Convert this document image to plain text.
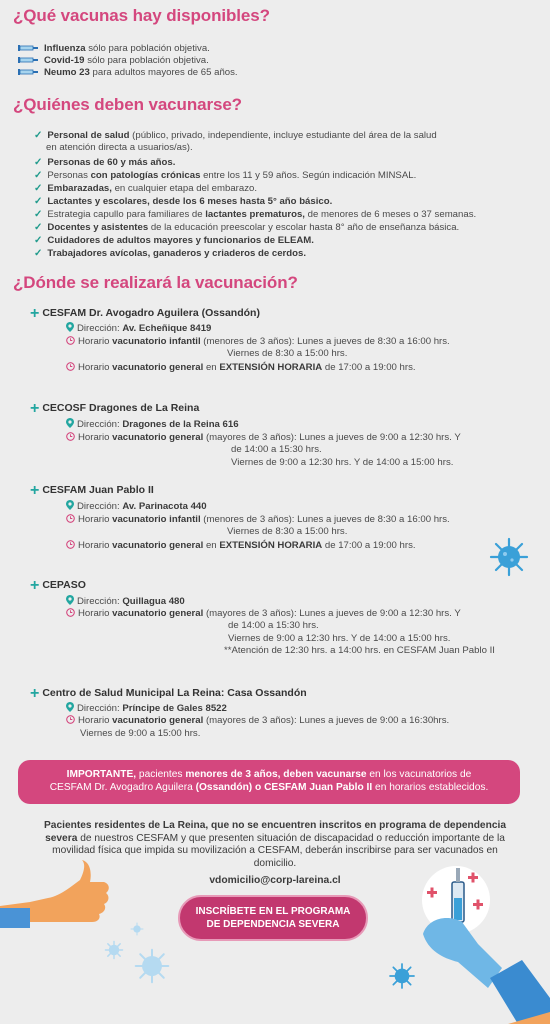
¿Qué vacunas hay disponibles?
Influenza sólo para población objetiva.
Covid-19 sólo para población objetiva.
Neumo 23 para adultos mayores de 65 años.
¿Quiénes deben vacunarse?
✓ Personal de salud (público, privado, independiente, incluye estudiante del área de la salud
en atención directa a usuarios/as).
✓ Personas de 60 y más años.
✓ Personas con patologías crónicas entre los 11 y 59 años. Según indicación MINSAL.
✓ Embarazadas, en cualquier etapa del embarazo.
✓ Lactantes y escolares, desde los 6 meses hasta 5° año básico.
✓ Estrategia capullo para familiares de lactantes prematuros, de menores de 6 meses o 37 semanas.
✓ Docentes y asistentes de la educación preescolar y escolar hasta 8° año de enseñanza básica.
✓ Cuidadores de adultos mayores y funcionarios de ELEAM.
✓ Trabajadores avícolas, ganaderos y criaderos de cerdos.
¿Dónde se realizará la vacunación?
+ CESFAM Dr. Avogadro Aguilera (Ossandón)
Dirección: Av. Echeñique 8419
Horario vacunatorio infantil (menores de 3 años): Lunes a jueves de 8:30 a 16:00 hrs.
Viernes de 8:30 a 15:00 hrs.
Horario vacunatorio general en EXTENSIÓN HORARIA de 17:00 a 19:00 hrs.
+ CECOSF Dragones de La Reina
Dirección: Dragones de la Reina 616
Horario vacunatorio general (mayores de 3 años): Lunes a jueves de 9:00 a 12:30 hrs. Y
de 14:00 a 15:30 hrs.
Viernes de 9:00 a 12:30 hrs. Y de 14:00 a 15:00 hrs.
+ CESFAM Juan Pablo II
Dirección: Av. Parinacota 440
Horario vacunatorio infantil (menores de 3 años): Lunes a jueves de 8:30 a 16:00 hrs.
Viernes de 8:30 a 15:00 hrs.
Horario vacunatorio general en EXTENSIÓN HORARIA de 17:00 a 19:00 hrs.
+ CEPASO
Dirección: Quillagua 480
Horario vacunatorio general (mayores de 3 años): Lunes a jueves de 9:00 a 12:30 hrs. Y
de 14:00 a 15:30 hrs.
Viernes de 9:00 a 12:30 hrs. Y de 14:00 a 15:00 hrs.
**Atención de 12:30 hrs. a 14:00 hrs. en CESFAM Juan Pablo II
+ Centro de Salud Municipal La Reina: Casa Ossandón
Dirección: Príncipe de Gales 8522
Horario vacunatorio general (mayores de 3 años): Lunes a jueves de 9:00 a 16:30hrs.
Viernes de 9:00 a 15:00 hrs.
IMPORTANTE, pacientes menores de 3 años, deben vacunarse en los vacunatorios de
CESFAM Dr. Avogadro Aguilera (Ossandón) o CESFAM Juan Pablo II en horarios establecidos.
Pacientes residentes de La Reina, que no se encuentren inscritos en programa de dependencia severa de nuestros CESFAM y que presenten situación de discapacidad o reducción importante de la movilidad física que impida su movilización a CESFAM, deberán inscribirse para ser vacunados en domicilio.
vdomicilio@corp-lareina.cl
INSCRÍBETE EN EL PROGRAMA
DE DEPENDENCIA SEVERA
